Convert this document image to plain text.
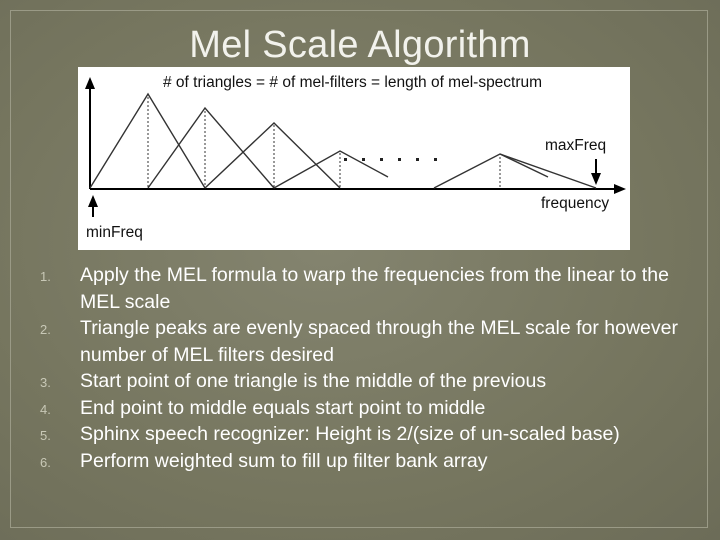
Mel Scale Algorithm
# of triangles = # of mel-filters = length of mel-spectrum
maxFreq
frequency
minFreq
1.	Apply the MEL formula to warp the frequencies from the linear to the MEL scale
2.	Triangle peaks are evenly spaced through the MEL scale for however number of MEL filters desired
3.	Start point of one triangle is the middle of the previous
4.	End point to middle equals start point to middle
5.	Sphinx speech recognizer: Height is 2/(size of un-scaled base)
6.	Perform weighted sum to fill up filter bank array
